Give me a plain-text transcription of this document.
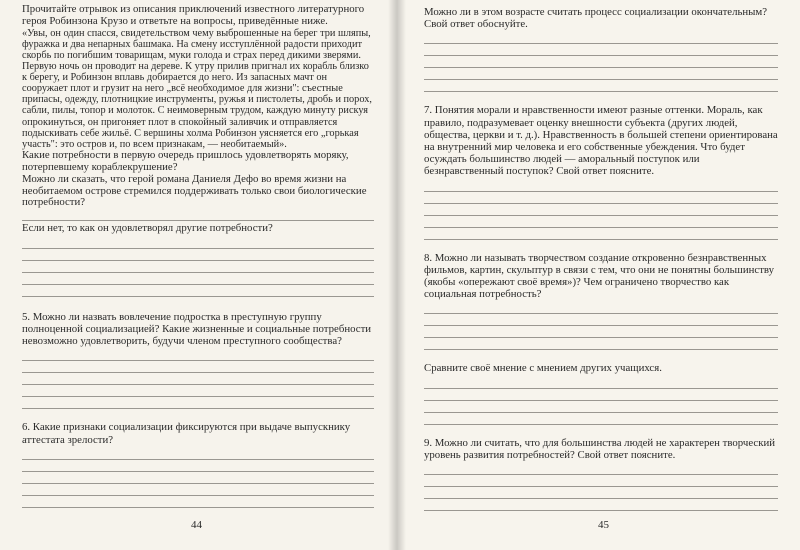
Прочитайте отрывок из описания приключений известного литературного героя Робинзона Крузо и ответьте на вопросы, приведённые ниже.

«Увы, он один спасся, свидетельством чему выброшенные на берег три шляпы, фуражка и два непарных башмака. На смену исступлённой радости приходит скорбь по погибшим товарищам, муки голода и страх перед дикими зверями. Первую ночь он проводит на дереве. К утру прилив пригнал их корабль близко к берегу, и Робинзон вплавь добирается до него. Из запасных мачт он сооружает плот и грузит на него „всё необходимое для жизни": съестные припасы, одежду, плотницкие инструменты, ружья и пистолеты, дробь и порох, сабли, пилы, топор и молоток. С неимоверным трудом, каждую минуту рискуя опрокинуться, он пригоняет плот в спокойный заливчик и отправляется подыскивать себе жильё. С вершины холма Робинзон уясняется его „горькая участь": это остров и, по всем признакам, — необитаемый».

Какие потребности в первую очередь пришлось удовлетворять моряку, потерпевшему кораблекрушение?

Можно ли сказать, что герой романа Даниеля Дефо во время жизни на необитаемом острове стремился поддерживать только свои биологические потребности?

Если нет, то как он удовлетворял другие потребности?

5. Можно ли назвать вовлечение подростка в преступную группу полноценной социализацией? Какие жизненные и социальные потребности невозможно удовлетворить, будучи членом преступного сообщества?

6. Какие признаки социализации фиксируются при выдаче выпускнику аттестата зрелости?

44

Можно ли в этом возрасте считать процесс социализации окончательным? Свой ответ обоснуйте.

7. Понятия морали и нравственности имеют разные оттенки. Мораль, как правило, подразумевает оценку внешности субъекта (других людей, общества, церкви и т. д.). Нравственность в большей степени ориентирована на внутренний мир человека и его собственные убеждения. Что будет осуждать большинство людей — аморальный поступок или безнравственный поступок? Свой ответ поясните.

8. Можно ли называть творчеством создание откровенно безнравственных фильмов, картин, скульптур в связи с тем, что они не понятны большинству (якобы «опережают своё время»)? Чем ограничено творчество как социальная потребность?

Сравните своё мнение с мнением других учащихся.

9. Можно ли считать, что для большинства людей не характерен творческий уровень развития потребностей? Свой ответ поясните.

45
